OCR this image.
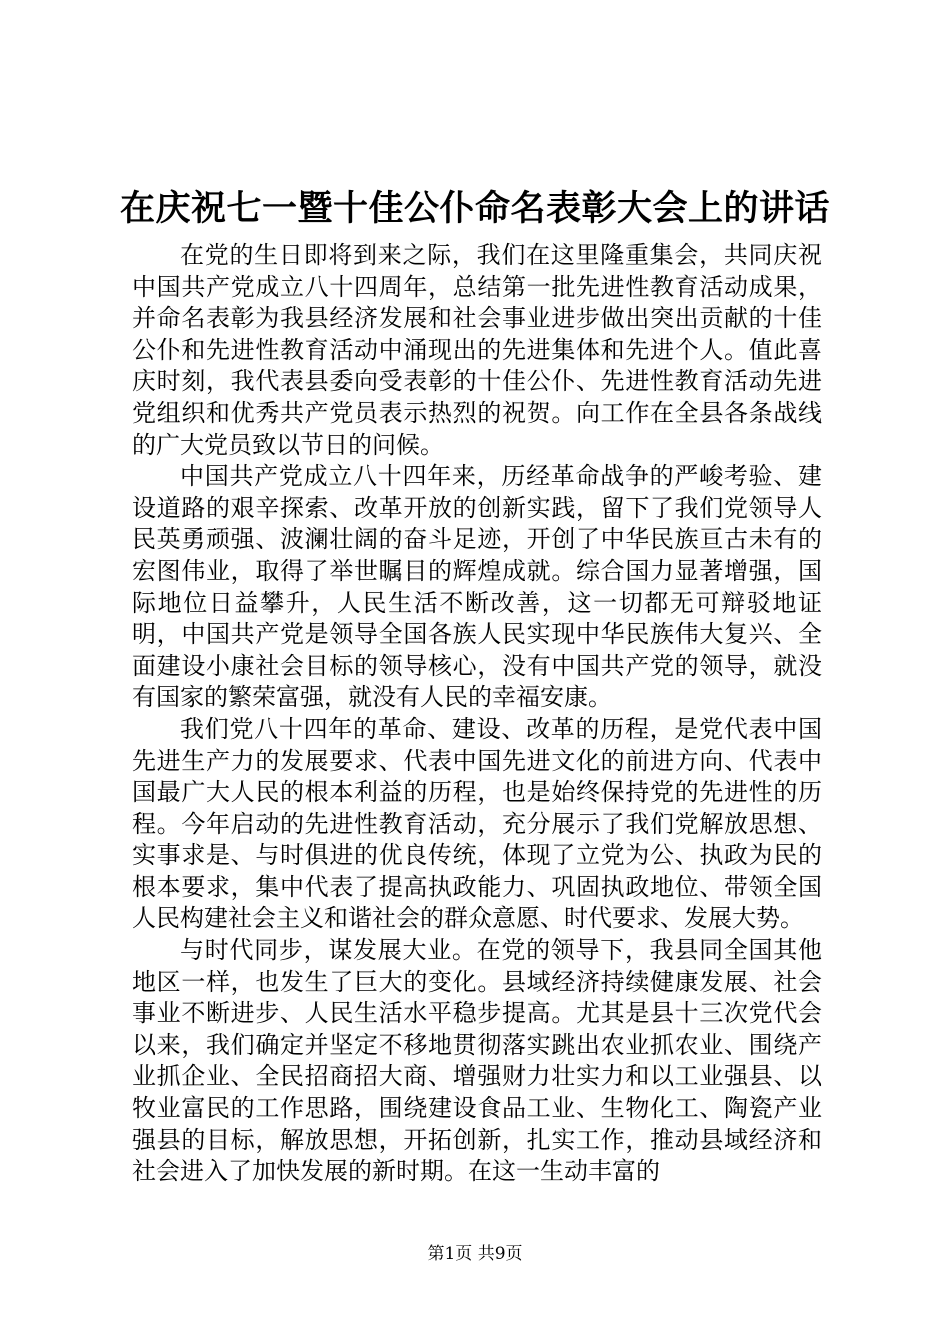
在庆祝七一暨十佳公仆命名表彰大会上的讲话

在党的生日即将到来之际，我们在这里隆重集会，共同庆祝中国共产党成立八十四周年，总结第一批先进性教育活动成果，并命名表彰为我县经济发展和社会事业进步做出突出贡献的十佳公仆和先进性教育活动中涌现出的先进集体和先进个人。值此喜庆时刻，我代表县委向受表彰的十佳公仆、先进性教育活动先进党组织和优秀共产党员表示热烈的祝贺。向工作在全县各条战线的广大党员致以节日的问候。

中国共产党成立八十四年来，历经革命战争的严峻考验、建设道路的艰辛探索、改革开放的创新实践，留下了我们党领导人民英勇顽强、波澜壮阔的奋斗足迹，开创了中华民族亘古未有的宏图伟业，取得了举世瞩目的辉煌成就。综合国力显著增强，国际地位日益攀升，人民生活不断改善，这一切都无可辩驳地证明，中国共产党是领导全国各族人民实现中华民族伟大复兴、全面建设小康社会目标的领导核心，没有中国共产党的领导，就没有国家的繁荣富强，就没有人民的幸福安康。

我们党八十四年的革命、建设、改革的历程，是党代表中国先进生产力的发展要求、代表中国先进文化的前进方向、代表中国最广大人民的根本利益的历程，也是始终保持党的先进性的历程。今年启动的先进性教育活动，充分展示了我们党解放思想、实事求是、与时俱进的优良传统，体现了立党为公、执政为民的根本要求，集中代表了提高执政能力、巩固执政地位、带领全国人民构建社会主义和谐社会的群众意愿、时代要求、发展大势。

与时代同步，谋发展大业。在党的领导下，我县同全国其他地区一样，也发生了巨大的变化。县域经济持续健康发展、社会事业不断进步、人民生活水平稳步提高。尤其是县十三次党代会以来，我们确定并坚定不移地贯彻落实跳出农业抓农业、围绕产业抓企业、全民招商招大商、增强财力壮实力和以工业强县、以牧业富民的工作思路，围绕建设食品工业、生物化工、陶瓷产业强县的目标，解放思想，开拓创新，扎实工作，推动县域经济和社会进入了加快发展的新时期。在这一生动丰富的

第1页 共9页
